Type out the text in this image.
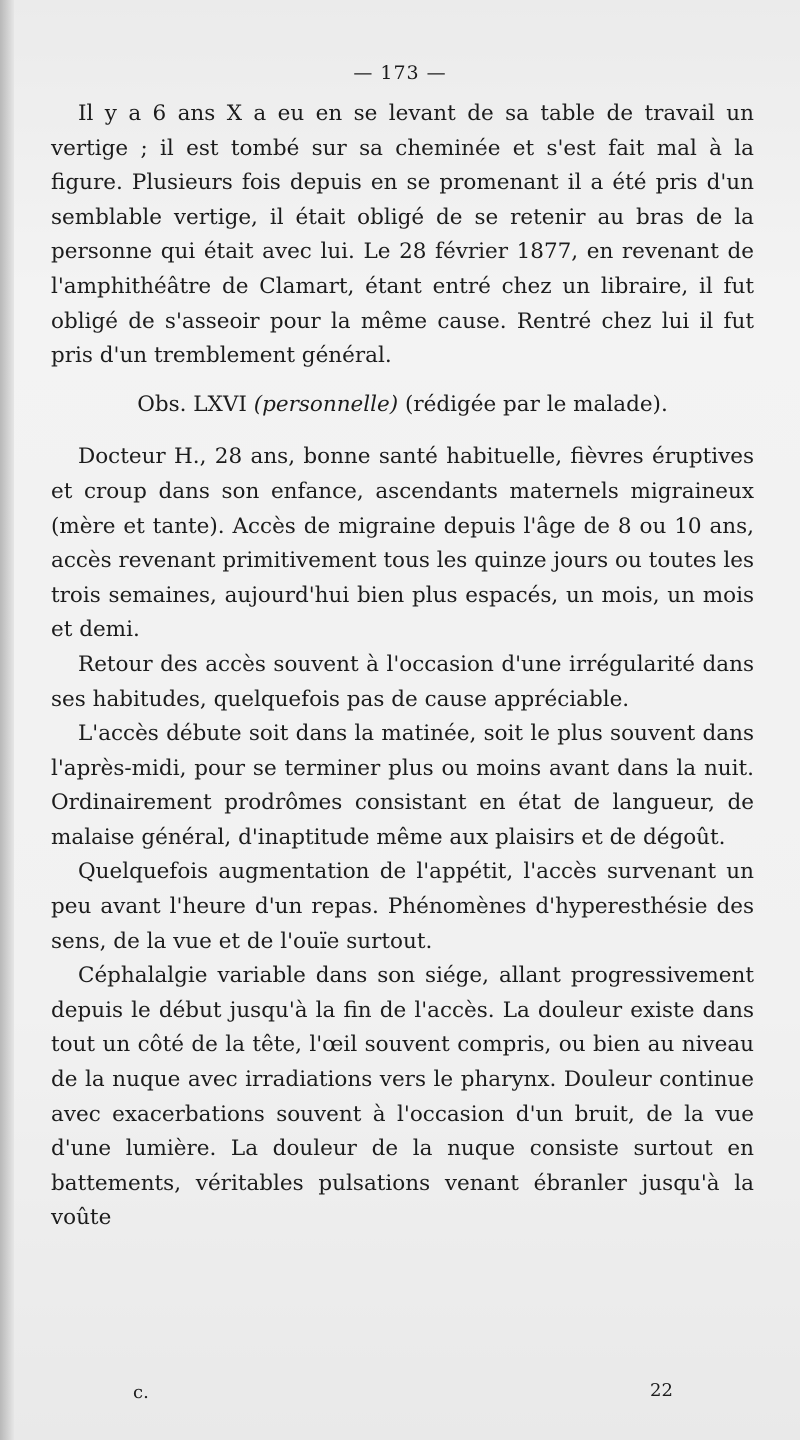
— 173 —

Il y a 6 ans X a eu en se levant de sa table de travail un vertige ; il est tombé sur sa cheminée et s'est fait mal à la figure. Plusieurs fois depuis en se promenant il a été pris d'un semblable vertige, il était obligé de se retenir au bras de la personne qui était avec lui. Le 28 février 1877, en revenant de l'amphithéâtre de Clamart, étant entré chez un libraire, il fut obligé de s'asseoir pour la même cause. Rentré chez lui il fut pris d'un tremblement général.

Obs. LXVI (personnelle) (rédigée par le malade).

Docteur H., 28 ans, bonne santé habituelle, fièvres éruptives et croup dans son enfance, ascendants maternels migraineux (mère et tante). Accès de migraine depuis l'âge de 8 ou 10 ans, accès revenant primitivement tous les quinze jours ou toutes les trois semaines, aujourd'hui bien plus espacés, un mois, un mois et demi.

Retour des accès souvent à l'occasion d'une irrégularité dans ses habitudes, quelquefois pas de cause appréciable.

L'accès débute soit dans la matinée, soit le plus souvent dans l'après-midi, pour se terminer plus ou moins avant dans la nuit. Ordinairement prodrômes consistant en état de langueur, de malaise général, d'inaptitude même aux plaisirs et de dégoût.

Quelquefois augmentation de l'appétit, l'accès survenant un peu avant l'heure d'un repas. Phénomènes d'hyperesthésie des sens, de la vue et de l'ouïe surtout.

Céphalalgie variable dans son siége, allant progressivement depuis le début jusqu'à la fin de l'accès. La douleur existe dans tout un côté de la tête, l'œil souvent compris, ou bien au niveau de la nuque avec irradiations vers le pharynx. Douleur continue avec exacerbations souvent à l'occasion d'un bruit, de la vue d'une lumière. La douleur de la nuque consiste surtout en battements, véritables pulsations venant ébranler jusqu'à la voûte

c.	22
